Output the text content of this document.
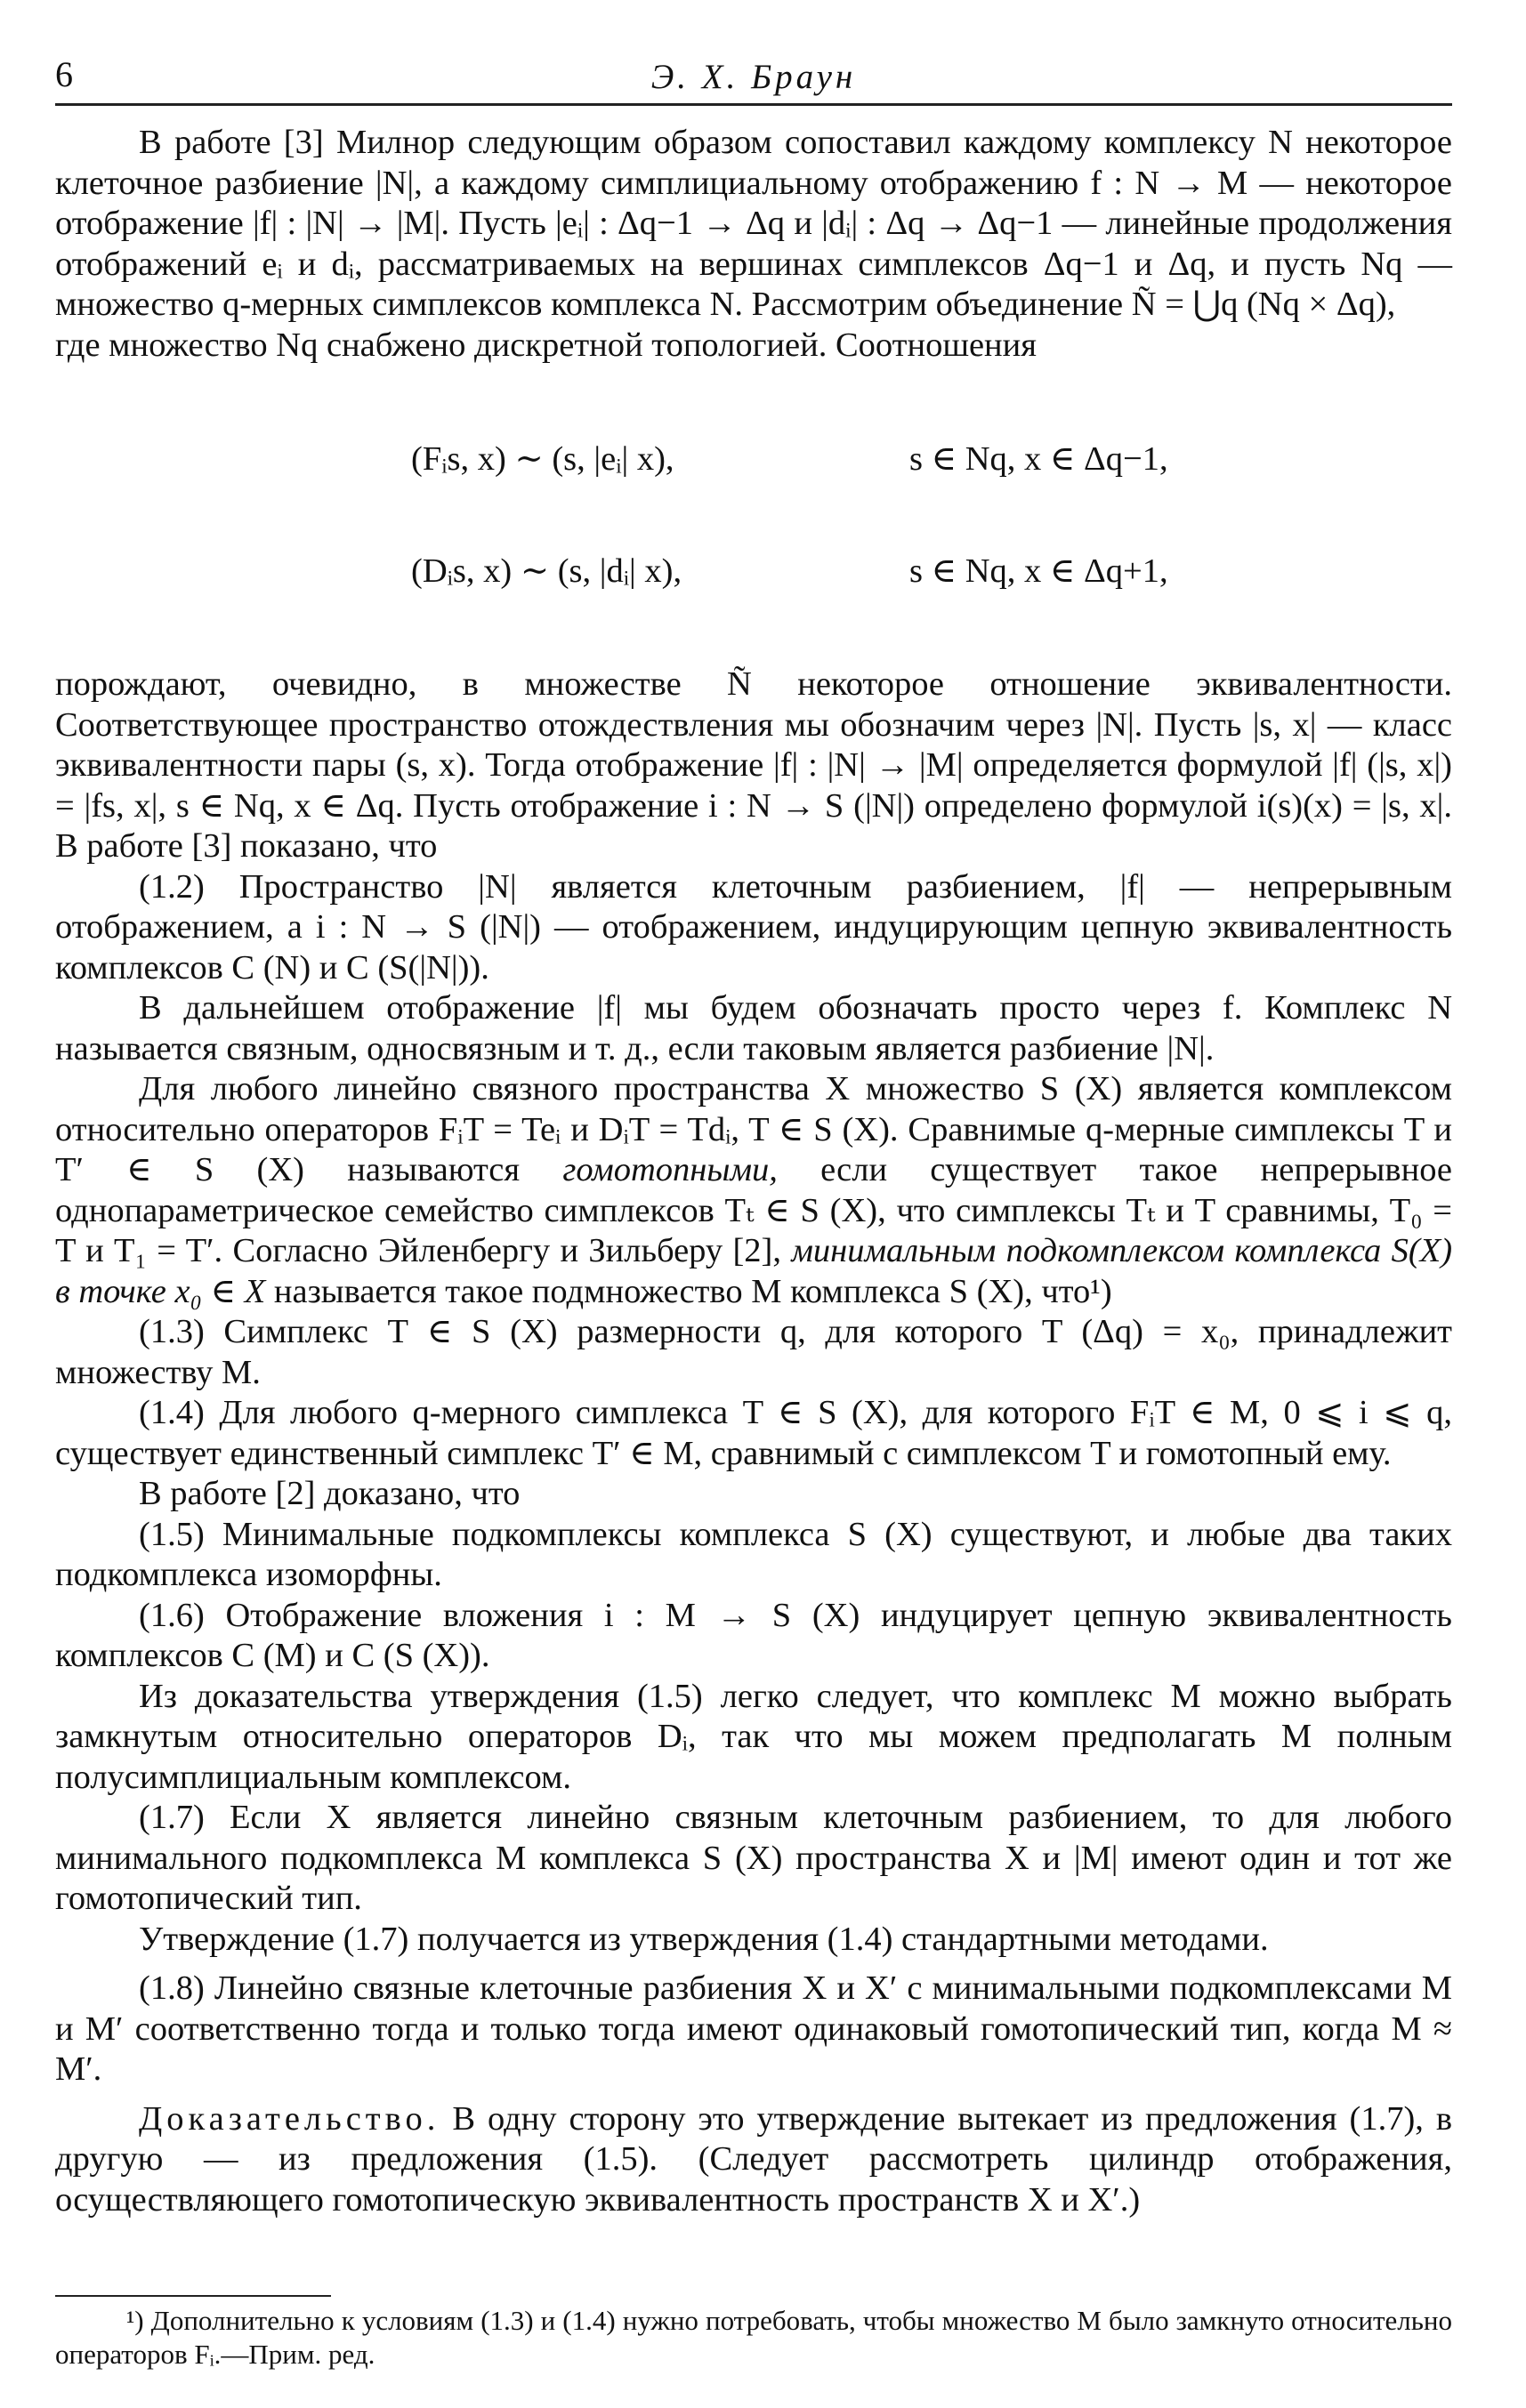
6	Э. Х. Браун

В работе [3] Милнор следующим образом сопоставил каждому комплексу N некоторое клеточное разбиение |N|, а каждому симплициальному отображению f : N → M — некоторое отображение |f| : |N| → |M|. Пусть |eᵢ| : Δq−1 → Δq и |dᵢ| : Δq → Δq−1 — линейные продолжения отображений eᵢ и dᵢ, рассматриваемых на вершинах симплексов Δq−1 и Δq, и пусть Nq — множество q-мерных симплексов комплекса N. Рассмотрим объединение Ñ = ⋃q (Nq × Δq),

где множество Nq снабжено дискретной топологией. Соотношения

(Fᵢs, x) ∼ (s, |eᵢ| x),	s ∈ Nq, x ∈ Δq−1,

(Dᵢs, x) ∼ (s, |dᵢ| x),	s ∈ Nq, x ∈ Δq+1,

порождают, очевидно, в множестве Ñ некоторое отношение эквивалентности. Соответствующее пространство отождествления мы обозначим через |N|. Пусть |s, x| — класс эквивалентности пары (s, x). Тогда отображение |f| : |N| → |M| определяется формулой |f| (|s, x|) = |fs, x|, s ∈ Nq, x ∈ Δq. Пусть отображение i : N → S (|N|) определено формулой i(s)(x) = |s, x|. В работе [3] показано, что

(1.2) Пространство |N| является клеточным разбиением, |f| — непрерывным отображением, а i : N → S (|N|) — отображением, индуцирующим цепную эквивалентность комплексов C (N) и C (S(|N|)).

В дальнейшем отображение |f| мы будем обозначать просто через f. Комплекс N называется связным, односвязным и т. д., если таковым является разбиение |N|.

Для любого линейно связного пространства X множество S (X) является комплексом относительно операторов FᵢT = Teᵢ и DᵢT = Tdᵢ, T ∈ S (X). Сравнимые q-мерные симплексы T и T′ ∈ S (X) называются гомотопными, если существует такое непрерывное однопараметрическое семейство симплексов Tₜ ∈ S (X), что симплексы Tₜ и T сравнимы, T₀ = T и T₁ = T′. Согласно Эйленбергу и Зильберу [2], минимальным подкомплексом комплекса S(X) в точке x₀ ∈ X называется такое подмножество M комплекса S (X), что¹)

(1.3) Симплекс T ∈ S (X) размерности q, для которого T (Δq) = x₀, принадлежит множеству M.

(1.4) Для любого q-мерного симплекса T ∈ S (X), для которого FᵢT ∈ M, 0 ⩽ i ⩽ q, существует единственный симплекс T′ ∈ M, сравнимый с симплексом T и гомотопный ему.

В работе [2] доказано, что

(1.5) Минимальные подкомплексы комплекса S (X) существуют, и любые два таких подкомплекса изоморфны.

(1.6) Отображение вложения i : M → S (X) индуцирует цепную эквивалентность комплексов C (M) и C (S (X)).

Из доказательства утверждения (1.5) легко следует, что комплекс M можно выбрать замкнутым относительно операторов Dᵢ, так что мы можем предполагать M полным полусимплициальным комплексом.

(1.7) Если X является линейно связным клеточным разбиением, то для любого минимального подкомплекса M комплекса S (X) пространства X и |M| имеют один и тот же гомотопический тип.

Утверждение (1.7) получается из утверждения (1.4) стандартными методами.

(1.8) Линейно связные клеточные разбиения X и X′ с минимальными подкомплексами M и M′ соответственно тогда и только тогда имеют одинаковый гомотопический тип, когда M ≈ M′.

Доказательство. В одну сторону это утверждение вытекает из предложения (1.7), в другую — из предложения (1.5). (Следует рассмотреть цилиндр отображения, осуществляющего гомотопическую эквивалентность пространств X и X′.)

¹) Дополнительно к условиям (1.3) и (1.4) нужно потребовать, чтобы множество M было замкнуто относительно операторов Fᵢ.—Прим. ред.
